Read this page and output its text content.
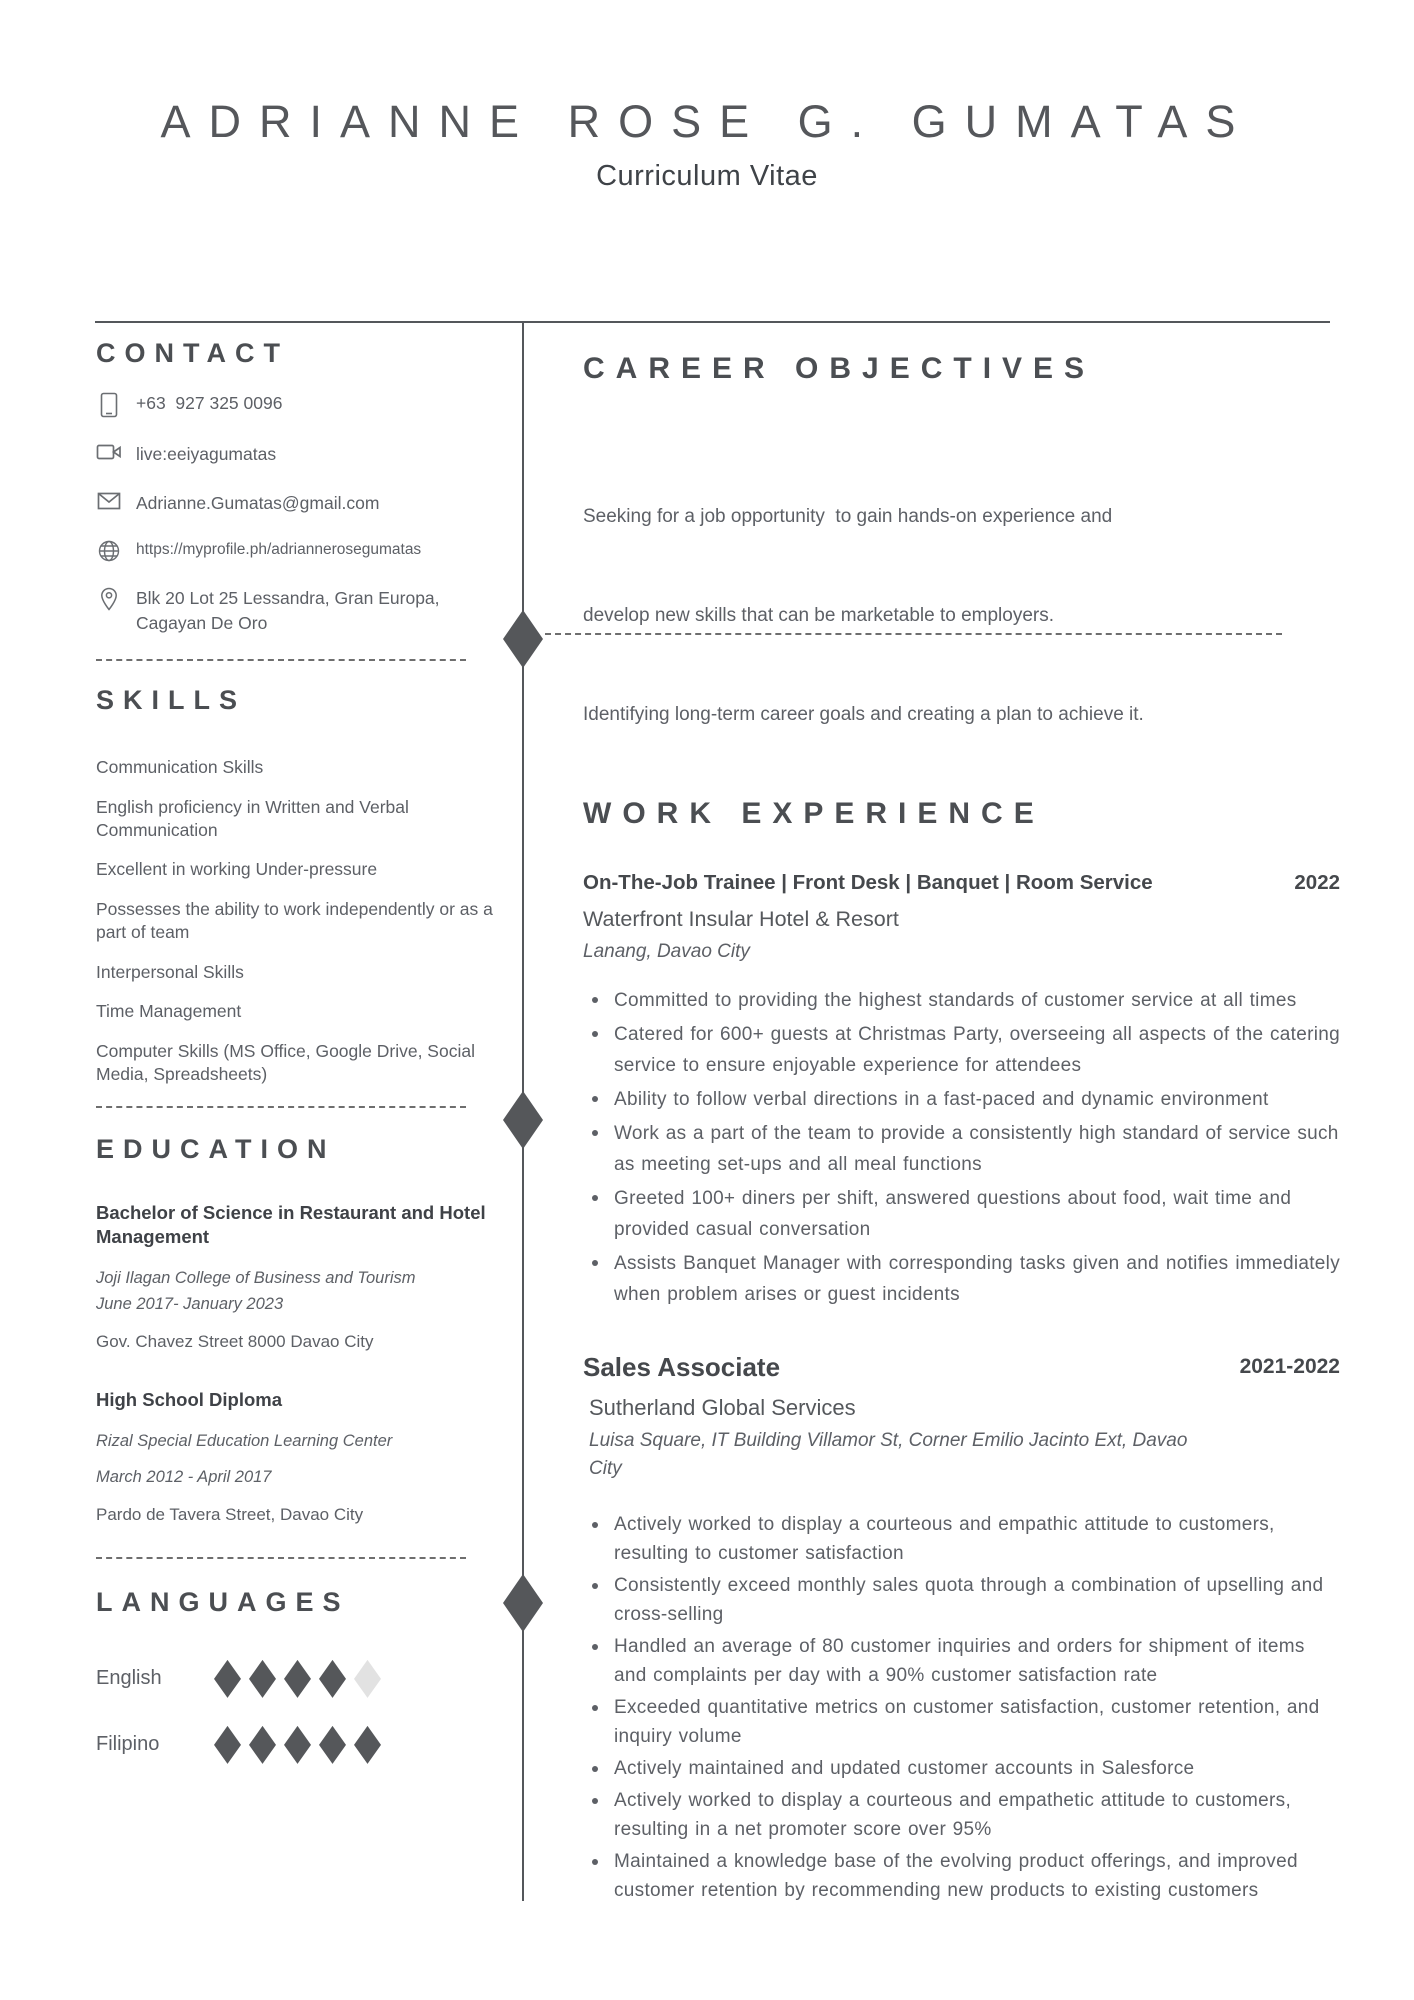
ADRIANNE ROSE G. GUMATAS
Curriculum Vitae
CONTACT
+63  927 325 0096
live:eeiyagumatas
Adrianne.Gumatas@gmail.com
https://myprofile.ph/adriannerosegumatas
Blk 20 Lot 25 Lessandra, Gran Europa, Cagayan De Oro
SKILLS
Communication Skills
English proficiency in Written and Verbal Communication
Excellent in working Under-pressure
Possesses the ability to work independently or as a part of team
Interpersonal Skills
Time Management
Computer Skills (MS Office, Google Drive, Social Media, Spreadsheets)
EDUCATION
Bachelor of Science in Restaurant and Hotel Management
Joji Ilagan College of Business and Tourism
June 2017- January 2023
Gov. Chavez Street 8000 Davao City
High School Diploma
Rizal Special Education Learning Center
March 2012 - April 2017
Pardo de Tavera Street, Davao City
LANGUAGES
English
Filipino
CAREER OBJECTIVES

Seeking for a job opportunity  to gain hands-on experience and

develop new skills that can be marketable to employers.

Identifying long-term career goals and creating a plan to achieve it.

WORK EXPERIENCE
On-The-Job Trainee | Front Desk | Banquet | Room Service	2022
Waterfront Insular Hotel & Resort
Lanang, Davao City
Committed to providing the highest standards of customer service at all times
Catered for 600+ guests at Christmas Party, overseeing all aspects of the catering service to ensure enjoyable experience for attendees
Ability to follow verbal directions in a fast-paced and dynamic environment
Work as a part of the team to provide a consistently high standard of service such as meeting set-ups and all meal functions
Greeted 100+ diners per shift, answered questions about food, wait time and provided casual conversation
Assists Banquet Manager with corresponding tasks given and notifies immediately when problem arises or guest incidents
Sales Associate	2021-2022
Sutherland Global Services
Luisa Square, IT Building Villamor St, Corner Emilio Jacinto Ext, Davao City
Actively worked to display a courteous and empathic attitude to customers, resulting to customer satisfaction
Consistently exceed monthly sales quota through a combination of upselling and cross-selling
Handled an average of 80 customer inquiries and orders for shipment of items and complaints per day with a 90% customer satisfaction rate
Exceeded quantitative metrics on customer satisfaction, customer retention, and inquiry volume
Actively maintained and updated customer accounts in Salesforce
Actively worked to display a courteous and empathetic attitude to customers, resulting in a net promoter score over 95%
Maintained a knowledge base of the evolving product offerings, and improved customer retention by recommending new products to existing customers
